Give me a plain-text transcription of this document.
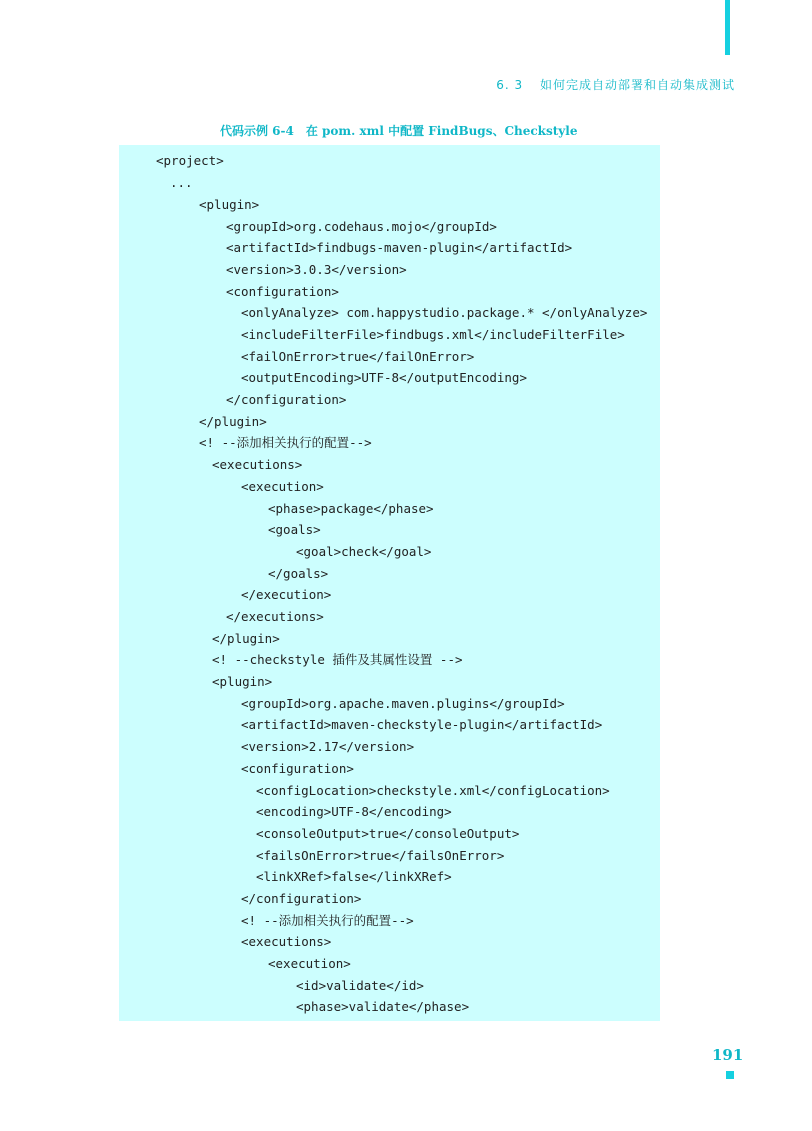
6. 3 如何完成自动部署和自动集成测试
代码示例 6-4　在 pom. xml 中配置 FindBugs、Checkstyle
<project>
...
<plugin>
<groupId>org.codehaus.mojo</groupId>
<artifactId>findbugs-maven-plugin</artifactId>
<version>3.0.3</version>
<configuration>
<onlyAnalyze> com.happystudio.package.* </onlyAnalyze>
<includeFilterFile>findbugs.xml</includeFilterFile>
<failOnError>true</failOnError>
<outputEncoding>UTF-8</outputEncoding>
</configuration>
</plugin>
<! --添加相关执行的配置-->
<executions>
<execution>
<phase>package</phase>
<goals>
<goal>check</goal>
</goals>
</execution>
</executions>
</plugin>
<! --checkstyle 插件及其属性设置 -->
<plugin>
<groupId>org.apache.maven.plugins</groupId>
<artifactId>maven-checkstyle-plugin</artifactId>
<version>2.17</version>
<configuration>
<configLocation>checkstyle.xml</configLocation>
<encoding>UTF-8</encoding>
<consoleOutput>true</consoleOutput>
<failsOnError>true</failsOnError>
<linkXRef>false</linkXRef>
</configuration>
<! --添加相关执行的配置-->
<executions>
<execution>
<id>validate</id>
<phase>validate</phase>
191
